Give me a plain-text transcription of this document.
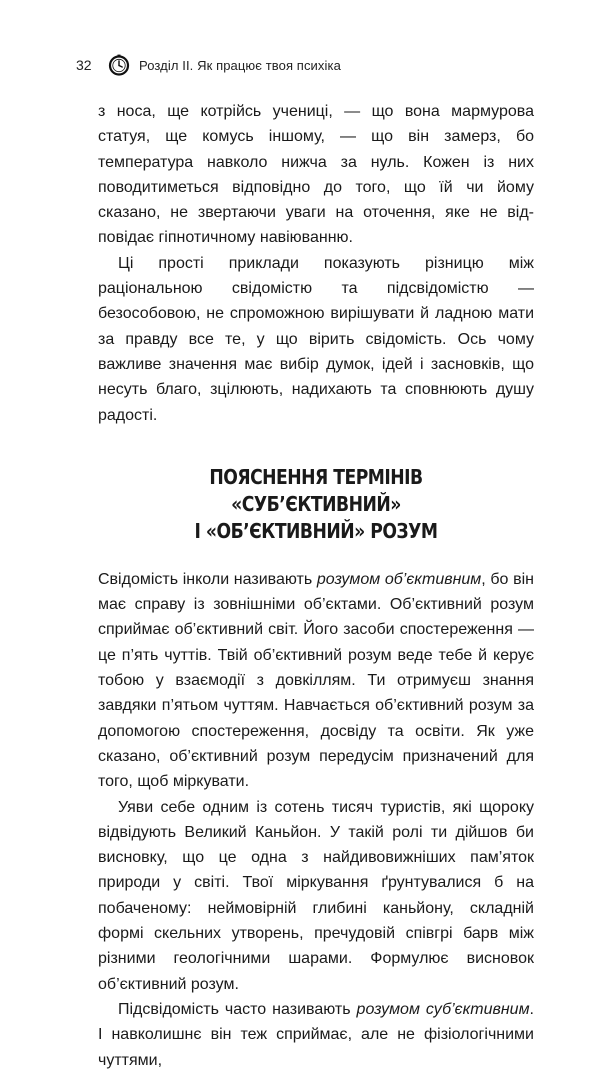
32	Розділ ІІ. Як працює твоя психіка

з носа, ще котрійсь учениці, — що вона мармурова статуя, ще комусь іншому, — що він замерз, бо температура навколо нижча за нуль. Кожен із них поводитиметься відповідно до того, що їй чи йому сказано, не звертаючи уваги на оточення, яке не відповідає гіпнотичному навіюванню.

Ці прості приклади показують різницю між раціональною свідомістю та підсвідомістю — безособовою, не спроможною вирішувати й ладною мати за правду все те, у що вірить свідомість. Ось чому важливе значення має вибір думок, ідей і засновків, що несуть благо, зцілюють, надихають та сповнюють душу радості.

ПОЯСНЕННЯ ТЕРМІНІВ «СУБ’ЄКТИВНИЙ»
І «ОБ’ЄКТИВНИЙ» РОЗУМ

Свідомість інколи називають розумом об’єктивним, бо він має справу із зовнішніми об’єктами. Об’єктивний розум сприймає об’єктивний світ. Його засоби спостереження — це п’ять чуттів. Твій об’єктивний розум веде тебе й керує тобою у взаємодії з довкіллям. Ти отримуєш знання завдяки п’ятьом чуттям. Навчається об’єктивний розум за допомогою спостереження, досвіду та освіти. Як уже сказано, об’єктивний розум передусім призначений для того, щоб міркувати.

Уяви себе одним із сотень тисяч туристів, які щороку відвідують Великий Каньйон. У такій ролі ти дійшов би висновку, що це одна з найдивовижніших пам’яток природи у світі. Твої міркування ґрунтувалися б на побаченому: неймовірній глибині каньйону, складній формі скельних утворень, пречудовій співгрі барв між різними геологічними шарами. Формулює висновок об’єктивний розум.

Підсвідомість часто називають розумом суб’єктивним. І навколишнє він теж сприймає, але не фізіологічними чуттями,
